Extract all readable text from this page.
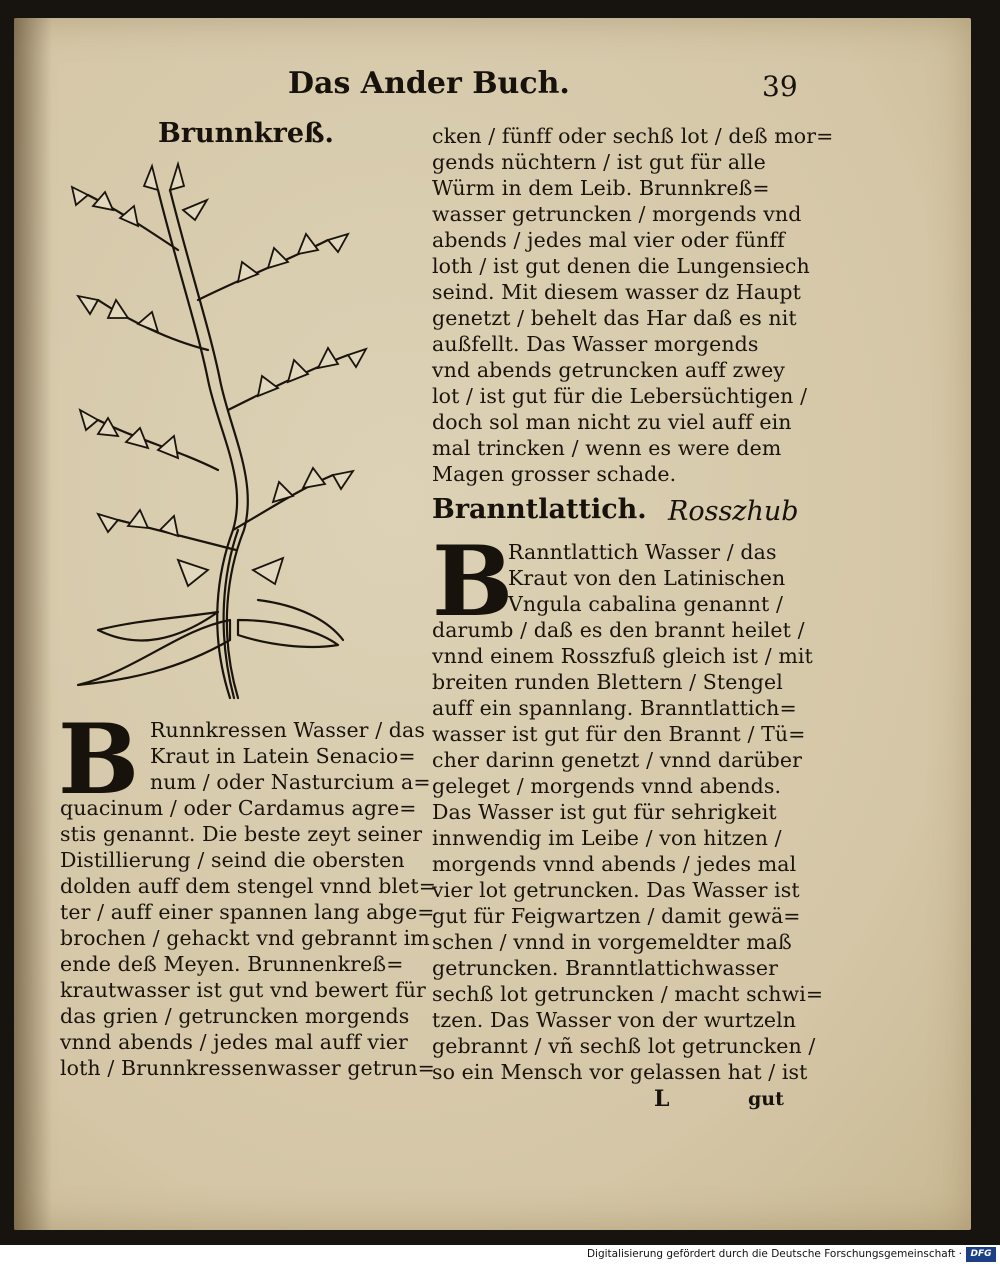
Das Ander Buch.	39
Brunnkreß.
B Runnkressen Wasser / das
Kraut in Latein Senacio=
num / oder Nasturcium a=
quacinum / oder Cardamus agre=
stis genannt. Die beste zeyt seiner
Distillierung / seind die obersten
dolden auff dem stengel vnnd blet=
ter / auff einer spannen lang abge=
brochen / gehackt vnd gebrannt im
ende deß Meyen. Brunnenkreß=
krautwasser ist gut vnd bewert für
das grien / getruncken morgends
vnnd abends / jedes mal auff vier
loth / Brunnkressenwasser getrun=
cken / fünff oder sechß lot / deß mor=
gends nüchtern / ist gut für alle
Würm in dem Leib. Brunnkreß=
wasser getruncken / morgends vnd
abends / jedes mal vier oder fünff
loth / ist gut denen die Lungensiech
seind. Mit diesem wasser dz Haupt
genetzt / behelt das Har daß es nit
außfellt. Das Wasser morgends
vnd abends getruncken auff zwey
lot / ist gut für die Lebersüchtigen /
doch sol man nicht zu viel auff ein
mal trincken / wenn es were dem
Magen grosser schade.
Branntlattich. Rosszhub
B
Ranntlattich Wasser / das
Kraut von den Latinischen
Vngula cabalina genannt /
darumb / daß es den brannt heilet /
vnnd einem Rosszfuß gleich ist / mit
breiten runden Blettern / Stengel
auff ein spannlang. Branntlattich=
wasser ist gut für den Brannt / Tü=
cher darinn genetzt / vnnd darüber
geleget / morgends vnnd abends.
Das Wasser ist gut für sehrigkeit
innwendig im Leibe / von hitzen /
morgends vnnd abends / jedes mal
vier lot getruncken. Das Wasser ist
gut für Feigwartzen / damit gewä=
schen / vnnd in vorgemeldter maß
getruncken. Branntlattichwasser
sechß lot getruncken / macht schwi=
tzen. Das Wasser von der wurtzeln
gebrannt / vñ sechß lot getruncken /
so ein Mensch vor gelassen hat / ist
L	gut
Digitalisierung gefördert durch die Deutsche Forschungsgemeinschaft · DFG
